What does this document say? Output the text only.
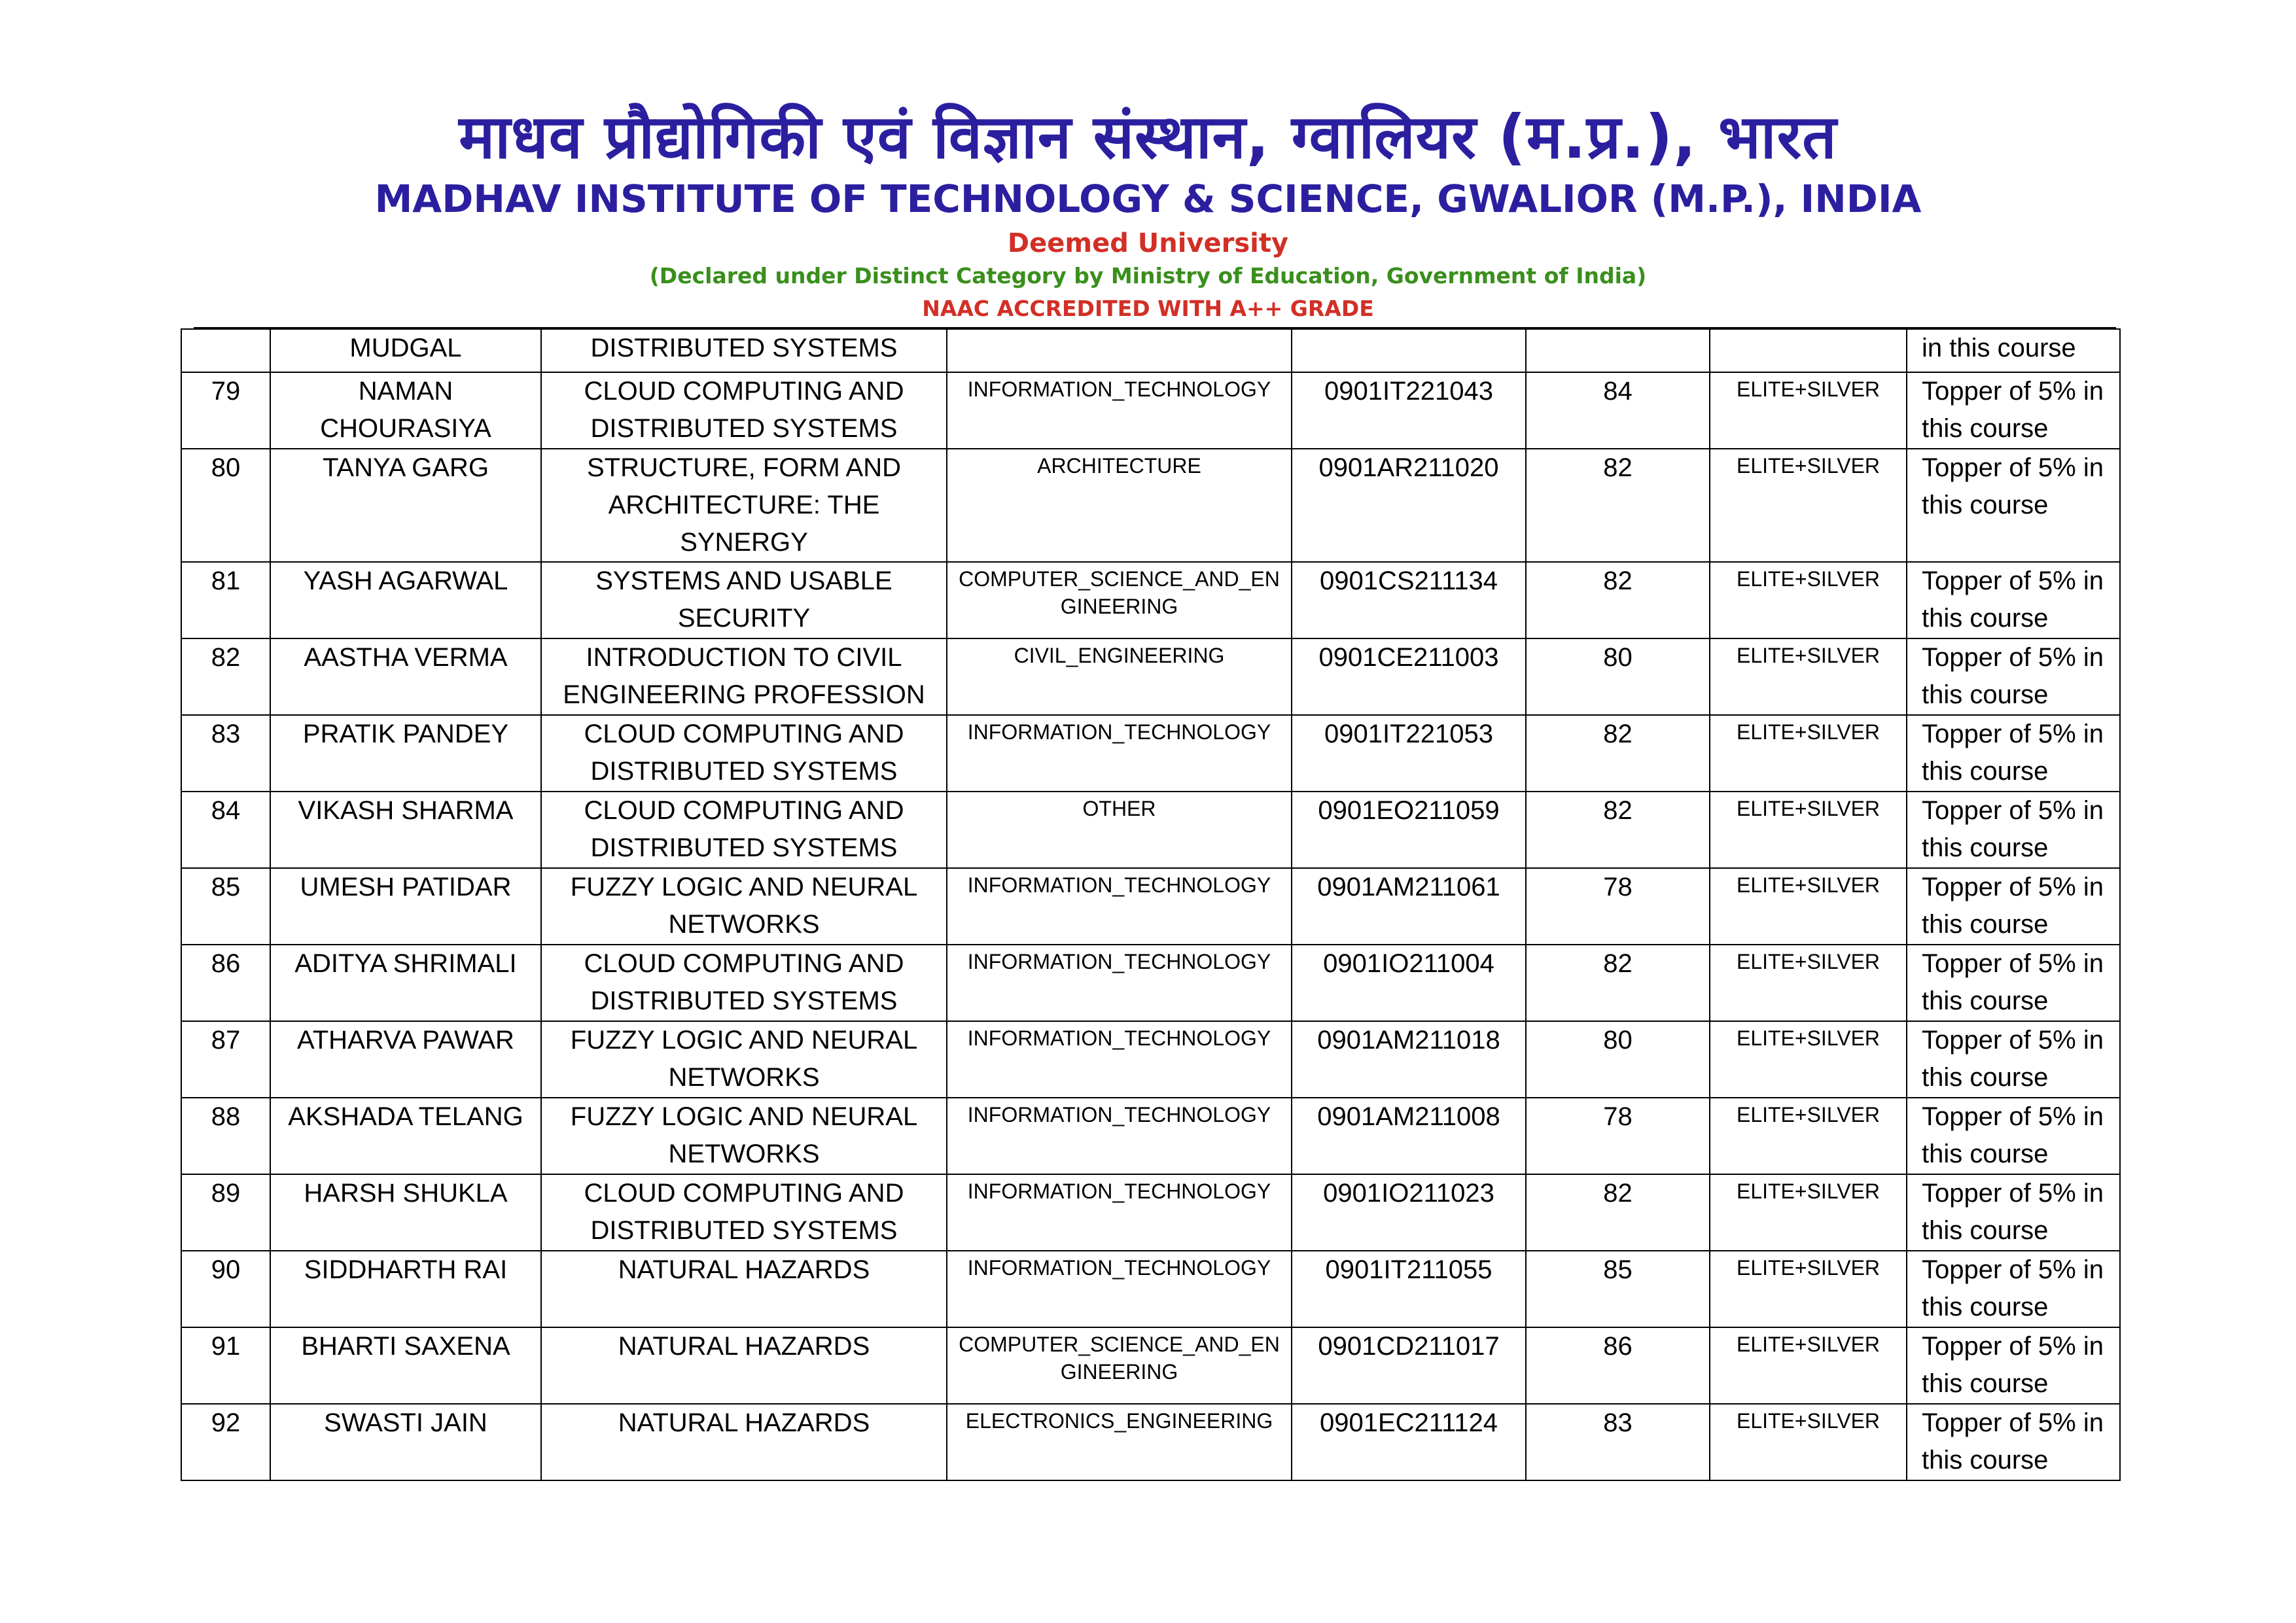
माधव प्रौद्योगिकी एवं विज्ञान संस्थान, ग्वालियर (म.प्र.), भारत
MADHAV INSTITUTE OF TECHNOLOGY & SCIENCE, GWALIOR (M.P.), INDIA
Deemed University
(Declared under Distinct Category by Ministry of Education, Government of India)
NAAC ACCREDITED WITH A++ GRADE
	MUDGAL	DISTRIBUTED SYSTEMS					in this course
79	NAMAN CHOURASIYA	CLOUD COMPUTING AND DISTRIBUTED SYSTEMS	INFORMATION_TECHNOLOGY	0901IT221043	84	ELITE+SILVER	Topper of 5% in this course
80	TANYA GARG	STRUCTURE, FORM AND ARCHITECTURE: THE SYNERGY	ARCHITECTURE	0901AR211020	82	ELITE+SILVER	Topper of 5% in this course
81	YASH AGARWAL	SYSTEMS AND USABLE SECURITY	COMPUTER_SCIENCE_AND_EN GINEERING	0901CS211134	82	ELITE+SILVER	Topper of 5% in this course
82	AASTHA VERMA	INTRODUCTION TO CIVIL ENGINEERING PROFESSION	CIVIL_ENGINEERING	0901CE211003	80	ELITE+SILVER	Topper of 5% in this course
83	PRATIK PANDEY	CLOUD COMPUTING AND DISTRIBUTED SYSTEMS	INFORMATION_TECHNOLOGY	0901IT221053	82	ELITE+SILVER	Topper of 5% in this course
84	VIKASH SHARMA	CLOUD COMPUTING AND DISTRIBUTED SYSTEMS	OTHER	0901EO211059	82	ELITE+SILVER	Topper of 5% in this course
85	UMESH PATIDAR	FUZZY LOGIC AND NEURAL NETWORKS	INFORMATION_TECHNOLOGY	0901AM211061	78	ELITE+SILVER	Topper of 5% in this course
86	ADITYA SHRIMALI	CLOUD COMPUTING AND DISTRIBUTED SYSTEMS	INFORMATION_TECHNOLOGY	0901IO211004	82	ELITE+SILVER	Topper of 5% in this course
87	ATHARVA PAWAR	FUZZY LOGIC AND NEURAL NETWORKS	INFORMATION_TECHNOLOGY	0901AM211018	80	ELITE+SILVER	Topper of 5% in this course
88	AKSHADA TELANG	FUZZY LOGIC AND NEURAL NETWORKS	INFORMATION_TECHNOLOGY	0901AM211008	78	ELITE+SILVER	Topper of 5% in this course
89	HARSH SHUKLA	CLOUD COMPUTING AND DISTRIBUTED SYSTEMS	INFORMATION_TECHNOLOGY	0901IO211023	82	ELITE+SILVER	Topper of 5% in this course
90	SIDDHARTH RAI	NATURAL HAZARDS	INFORMATION_TECHNOLOGY	0901IT211055	85	ELITE+SILVER	Topper of 5% in this course
91	BHARTI SAXENA	NATURAL HAZARDS	COMPUTER_SCIENCE_AND_EN GINEERING	0901CD211017	86	ELITE+SILVER	Topper of 5% in this course
92	SWASTI JAIN	NATURAL HAZARDS	ELECTRONICS_ENGINEERING	0901EC211124	83	ELITE+SILVER	Topper of 5% in this course
